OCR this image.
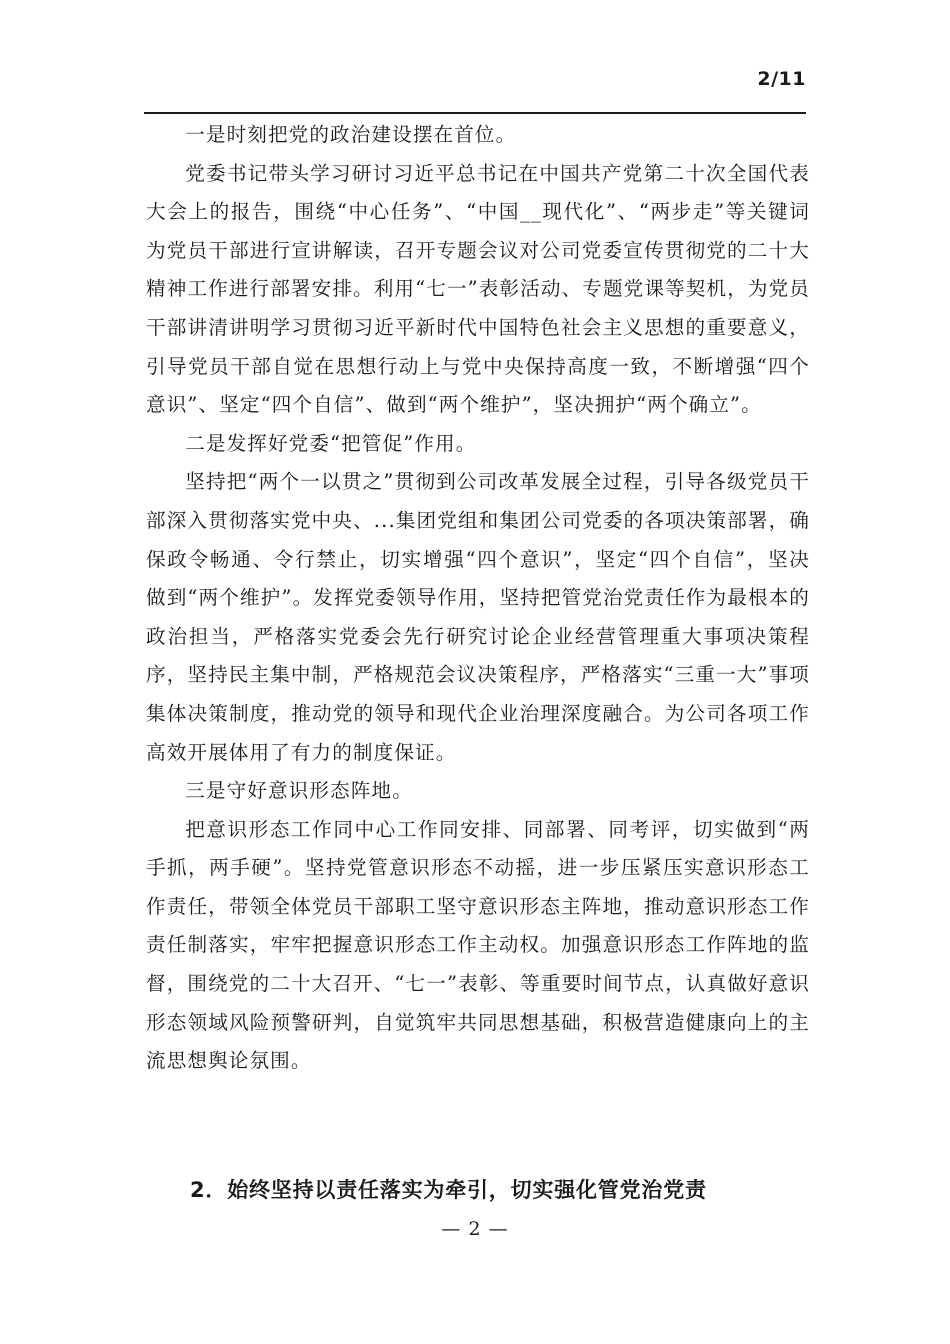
2/11

一是时刻把党的政治建设摆在首位。

党委书记带头学习研讨习近平总书记在中国共产党第二十次全国代表大会上的报告，围绕“中心任务”、“中国__现代化”、“两步走”等关键词为党员干部进行宣讲解读，召开专题会议对公司党委宣传贯彻党的二十大精神工作进行部署安排。利用“七一”表彰活动、专题党课等契机，为党员干部讲清讲明学习贯彻习近平新时代中国特色社会主义思想的重要意义，引导党员干部自觉在思想行动上与党中央保持高度一致，不断增强“四个意识”、坚定“四个自信”、做到“两个维护”，坚决拥护“两个确立”。

二是发挥好党委“把管促”作用。

坚持把“两个一以贯之”贯彻到公司改革发展全过程，引导各级党员干部深入贯彻落实党中央、...集团党组和集团公司党委的各项决策部署，确保政令畅通、令行禁止，切实增强“四个意识”，坚定“四个自信”，坚决做到“两个维护”。发挥党委领导作用，坚持把管党治党责任作为最根本的政治担当，严格落实党委会先行研究讨论企业经营管理重大事项决策程序，坚持民主集中制，严格规范会议决策程序，严格落实“三重一大”事项集体决策制度，推动党的领导和现代企业治理深度融合。为公司各项工作高效开展体用了有力的制度保证。

三是守好意识形态阵地。

把意识形态工作同中心工作同安排、同部署、同考评，切实做到“两手抓，两手硬”。坚持党管意识形态不动摇，进一步压紧压实意识形态工作责任，带领全体党员干部职工坚守意识形态主阵地，推动意识形态工作责任制落实，牢牢把握意识形态工作主动权。加强意识形态工作阵地的监督，围绕党的二十大召开、“七一”表彰、等重要时间节点，认真做好意识形态领域风险预警研判，自觉筑牢共同思想基础，积极营造健康向上的主流思想舆论氛围。

2．始终坚持以责任落实为牵引，切实强化管党治党责
— 2 —
